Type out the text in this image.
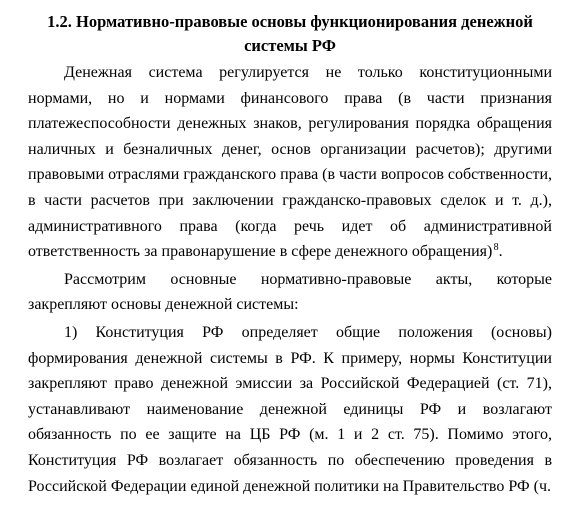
1.2. Нормативно-правовые основы функционирования денежной
системы РФ

Денежная система регулируется не только конституционными нормами, но и нормами финансового права (в части признания платежеспособности денежных знаков, регулирования порядка обращения наличных и безналичных денег, основ организации расчетов); другими правовыми отраслями гражданского права (в части вопросов собственности, в части расчетов при заключении гражданско-правовых сделок и т. д.), административного права (когда речь идет об административной ответственность за правонарушение в сфере денежного обращения) $^8$.

Рассмотрим основные нормативно-правовые акты, которые закрепляют основы денежной системы:

1) Конституция РФ определяет общие положения (основы) формирования денежной системы в РФ. К примеру, нормы Конституции закрепляют право денежной эмиссии за Российской Федерацией (ст. 71), устанавливают наименование денежной единицы РФ и возлагают обязанность по ее защите на ЦБ РФ (м. 1 и 2 ст. 75). Помимо этого, Конституция РФ возлагает обязанность по обеспечению проведения в Российской Федерации единой денежной политики на Правительство РФ (ч.
